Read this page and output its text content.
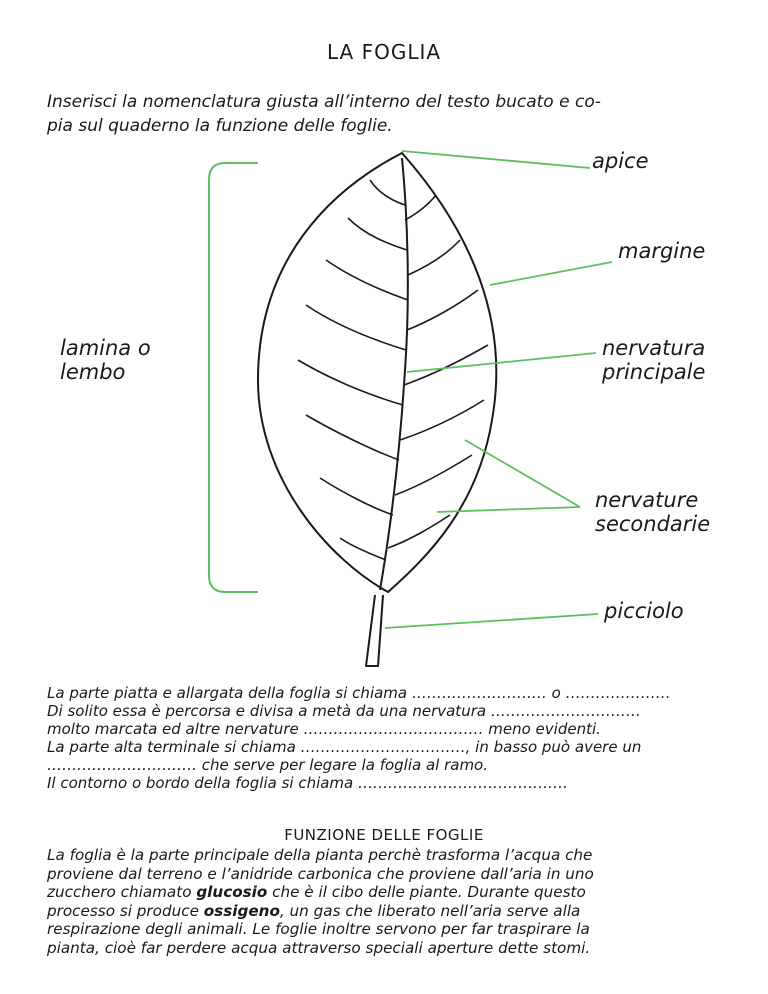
LA FOGLIA
Inserisci la nomenclatura giusta all’interno del testo bucato e co-
pia sul quaderno la funzione delle foglie.
apice
margine
lamina o
lembo
nervatura
principale
nervature
secondarie
picciolo
La parte piatta e allargata della foglia si chiama ……………………… o …………………
Di solito essa è percorsa e divisa a metà da una nervatura …………………………
molto marcata ed altre nervature ……………………………… meno evidenti.
La parte alta terminale si chiama ……………………………, in basso può avere un
………………………… che serve per legare la foglia al ramo.
Il contorno o bordo della foglia si chiama ……………………………………
FUNZIONE DELLE FOGLIE
La foglia è la parte principale della pianta perchè trasforma l’acqua che
proviene dal terreno e l’anidride carbonica che proviene dall’aria in uno
zucchero chiamato glucosio che è il cibo delle piante. Durante questo
processo si produce ossigeno, un gas che liberato nell’aria serve alla
respirazione degli animali. Le foglie inoltre servono per far traspirare la
pianta, cioè far perdere acqua attraverso speciali aperture dette stomi.
